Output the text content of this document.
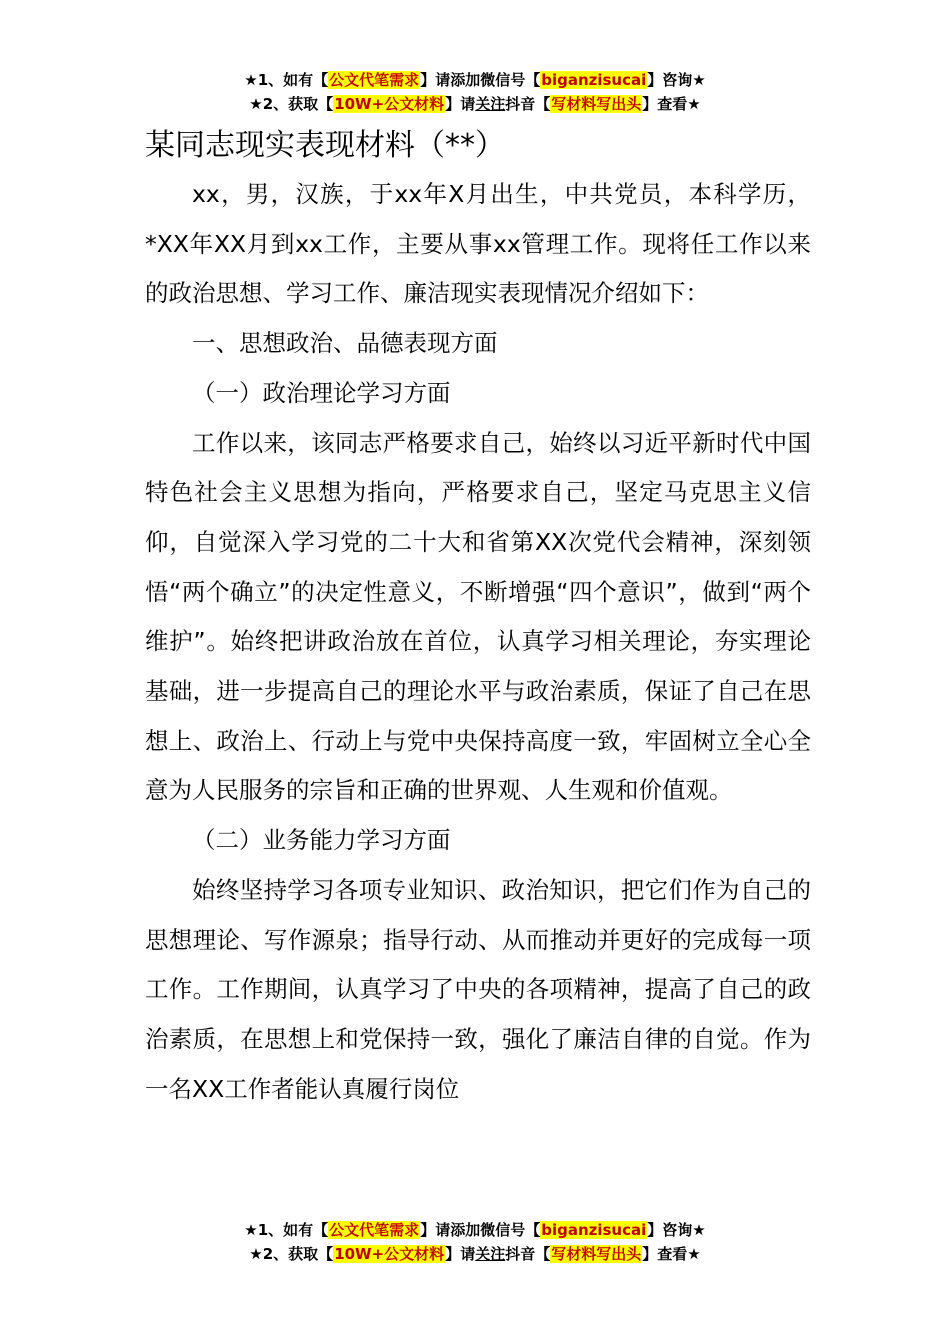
★1、如有【公文代笔需求】请添加微信号【biganzisucai】咨询★
★2、获取【10W+公文材料】请关注抖音【写材料写出头】查看★
某同志现实表现材料（**）

xx，男，汉族，于xx年X月出生，中共党员，本科学历，*XX年XX月到xx工作，主要从事xx管理工作。现将任工作以来的政治思想、学习工作、廉洁现实表现情况介绍如下：

一、思想政治、品德表现方面

（一）政治理论学习方面

工作以来，该同志严格要求自己，始终以习近平新时代中国特色社会主义思想为指向，严格要求自己，坚定马克思主义信仰，自觉深入学习党的二十大和省第XX次党代会精神，深刻领悟“两个确立”的决定性意义，不断增强“四个意识”，做到“两个维护”。始终把讲政治放在首位，认真学习相关理论，夯实理论基础，进一步提高自己的理论水平与政治素质，保证了自己在思想上、政治上、行动上与党中央保持高度一致，牢固树立全心全意为人民服务的宗旨和正确的世界观、人生观和价值观。

（二）业务能力学习方面

始终坚持学习各项专业知识、政治知识，把它们作为自己的思想理论、写作源泉；指导行动、从而推动并更好的完成每一项工作。工作期间，认真学习了中央的各项精神，提高了自己的政治素质，在思想上和党保持一致，强化了廉洁自律的自觉。作为一名XX工作者能认真履行岗位

★1、如有【公文代笔需求】请添加微信号【biganzisucai】咨询★
★2、获取【10W+公文材料】请关注抖音【写材料写出头】查看★
